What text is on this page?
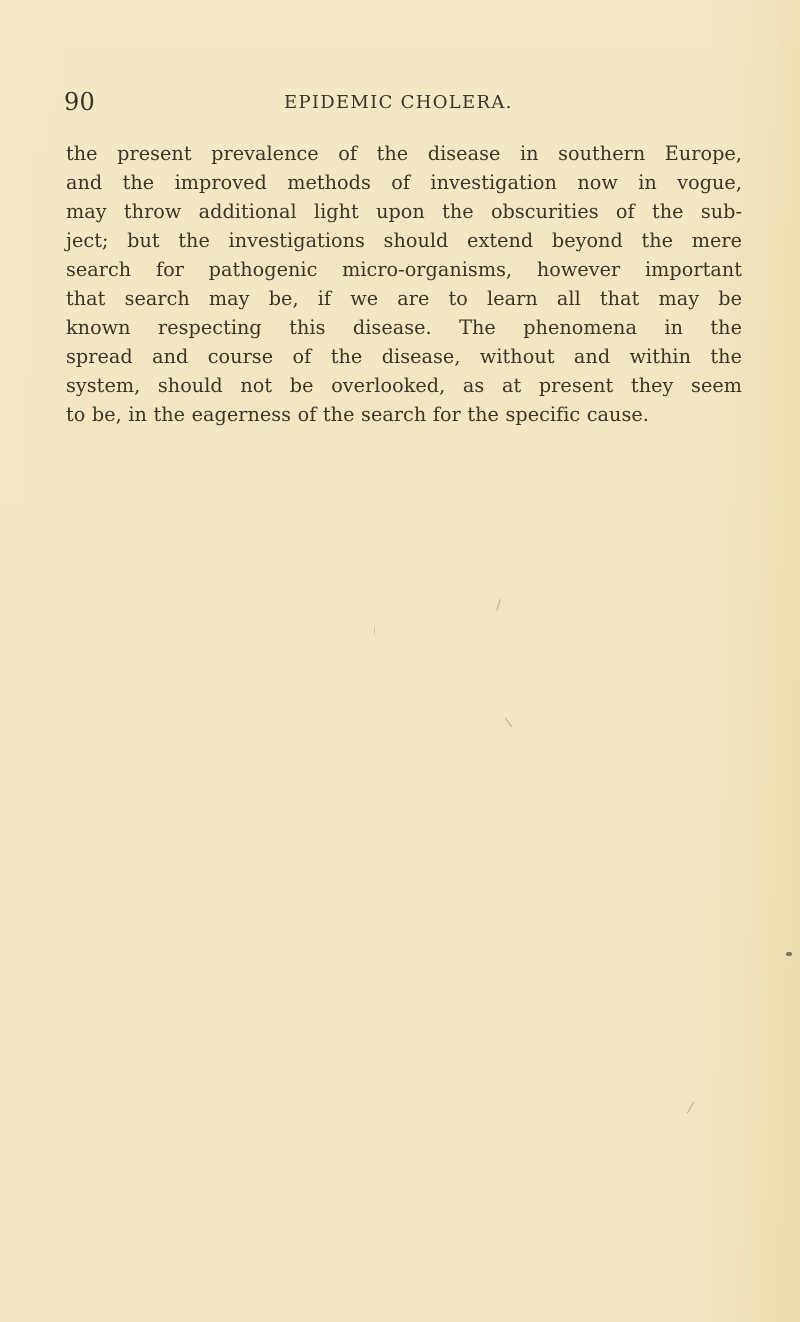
90	EPIDEMIC CHOLERA.
the present prevalence of the disease in southern Europe,
and the improved methods of investigation now in vogue,
may throw additional light upon the obscurities of the sub-
ject; but the investigations should extend beyond the mere
search for pathogenic micro-organisms, however important
that search may be, if we are to learn all that may be
known respecting this disease. The phenomena in the
spread and course of the disease, without and within the
system, should not be overlooked, as at present they seem
to be, in the eagerness of the search for the specific cause.
